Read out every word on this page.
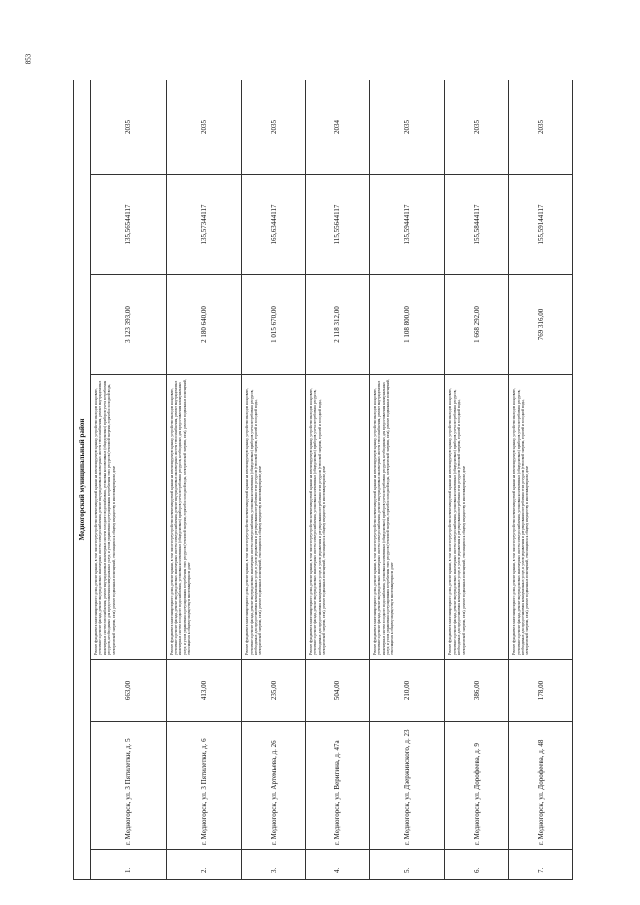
853
Медногорский муниципальный район						
1.	г. Медногорск, ул. 3 Пятилетки, д. 5	663,00	Ремонт фундамента многоквартирного дома, ремонт крыши, в том числе переустройство невентилируемой крыши на вентилируемую крышу, устройство выходов на кровлю, утепление и ремонт фасада, ремонт внутридомовых инженерных систем электроснабжения, ремонт внутридомовых инженерных систем теплоснабжения, ремонт внутридомовых инженерных систем газоснабжения, ремонт внутридомовых инженерных систем холодного водоснабжения, установка коллективных (общедомовых) приборов учета потребления ресурсов, необходимых для предоставления коммунальных услуг, и узлов управления и регулирования потребления этих ресурсов (тепловой энергии, горячей и холодной воды, электрической энергии, газа), ремонт подвальных помещений, относящихся к общему имуществу в многоквартирном доме	3 123 393,00	135,56544117	2035
2.	г. Медногорск, ул. 3 Пятилетки, д. 6	413,00	Ремонт фундамента многоквартирного дома, ремонт крыши, в том числе переустройство невентилируемой крыши на вентилируемую крышу, устройство выходов на кровлю, утепление и ремонт фасада, ремонт внутридомовых инженерных систем электроснабжения, ремонт внутридомовых инженерных систем теплоснабжения, ремонт внутридомовых инженерных систем холодного водоснабжения, установка коллективных (общедомовых) приборов учета потребления ресурсов, необходимых для предоставления коммунальных услуг, и узлов управления и регулирования потребления этих ресурсов (тепловой энергии, горячей и холодной воды, электрической энергии, газа), ремонт подвальных помещений, относящихся к общему имуществу в многоквартирном доме	2 180 640,00	135,57344117	2035
3.	г. Медногорск, ул. Артемьева, д. 26	235,00	Ремонт фундамента многоквартирного дома, ремонт крыши, в том числе переустройство невентилируемой крыши на вентилируемую крышу, устройство выходов на кровлю, утепление и ремонт фасада, ремонт внутридомовых инженерных систем электроснабжения, установка коллективных (общедомовых) приборов учета потребления ресурсов, необходимых для предоставления коммунальных услуг, и узлов управления и регулирования потребления этих ресурсов (тепловой энергии, горячей и холодной воды, электрической энергии, газа), ремонт подвальных помещений, относящихся к общему имуществу в многоквартирном доме	1 015 670,00	165,63444117	2035
4.	г. Медногорск, ул. Веригина, д. 47а	504,00	Ремонт фундамента многоквартирного дома, ремонт крыши, в том числе переустройство невентилируемой крыши на вентилируемую крышу, устройство выходов на кровлю, утепление и ремонт фасада, ремонт внутридомовых инженерных систем электроснабжения, установка коллективных (общедомовых) приборов учета потребления ресурсов, необходимых для предоставления коммунальных услуг, и узлов управления и регулирования потребления этих ресурсов (тепловой энергии, горячей и холодной воды, электрической энергии, газа), ремонт подвальных помещений, относящихся к общему имуществу в многоквартирном доме	2 118 312,00	115,55644117	2034
5.	г. Медногорск, ул. Дзержинского, д. 23	210,00	Ремонт фундамента многоквартирного дома, ремонт крыши, в том числе переустройство невентилируемой крыши на вентилируемую крышу, устройство выходов на кровлю, утепление и ремонт фасада, ремонт внутридомовых инженерных систем электроснабжения, ремонт внутридомовых инженерных систем теплоснабжения, ремонт внутридомовых инженерных систем холодного водоснабжения, установка коллективных (общедомовых) приборов учета потребления ресурсов, необходимых для предоставления коммунальных услуг, и узлов управления и регулирования потребления этих ресурсов (тепловой энергии, горячей и холодной воды, электрической энергии, газа), ремонт подвальных помещений, относящихся к общему имуществу в многоквартирном доме	1 108 800,00	135,59444117	2035
6.	г. Медногорск, ул. Дорофеева, д. 9	386,00	Ремонт фундамента многоквартирного дома, ремонт крыши, в том числе переустройство невентилируемой крыши на вентилируемую крышу, устройство выходов на кровлю, утепление и ремонт фасада, ремонт внутридомовых инженерных систем электроснабжения, установка коллективных (общедомовых) приборов учета потребления ресурсов, необходимых для предоставления коммунальных услуг, и узлов управления и регулирования потребления этих ресурсов (тепловой энергии, горячей и холодной воды, электрической энергии, газа), ремонт подвальных помещений, относящихся к общему имуществу в многоквартирном доме	1 668 292,00	155,58444117	2035
7.	г. Медногорск, ул. Дорофеева, д. 48	178,00	Ремонт фундамента многоквартирного дома, ремонт крыши, в том числе переустройство невентилируемой крыши на вентилируемую крышу, устройство выходов на кровлю, утепление и ремонт фасада, ремонт внутридомовых инженерных систем электроснабжения, установка коллективных (общедомовых) приборов учета потребления ресурсов, необходимых для предоставления коммунальных услуг, и узлов управления и регулирования потребления этих ресурсов (тепловой энергии, горячей и холодной воды, электрической энергии, газа), ремонт подвальных помещений, относящихся к общему имуществу в многоквартирном доме	769 316,00	155,59144117	2035
